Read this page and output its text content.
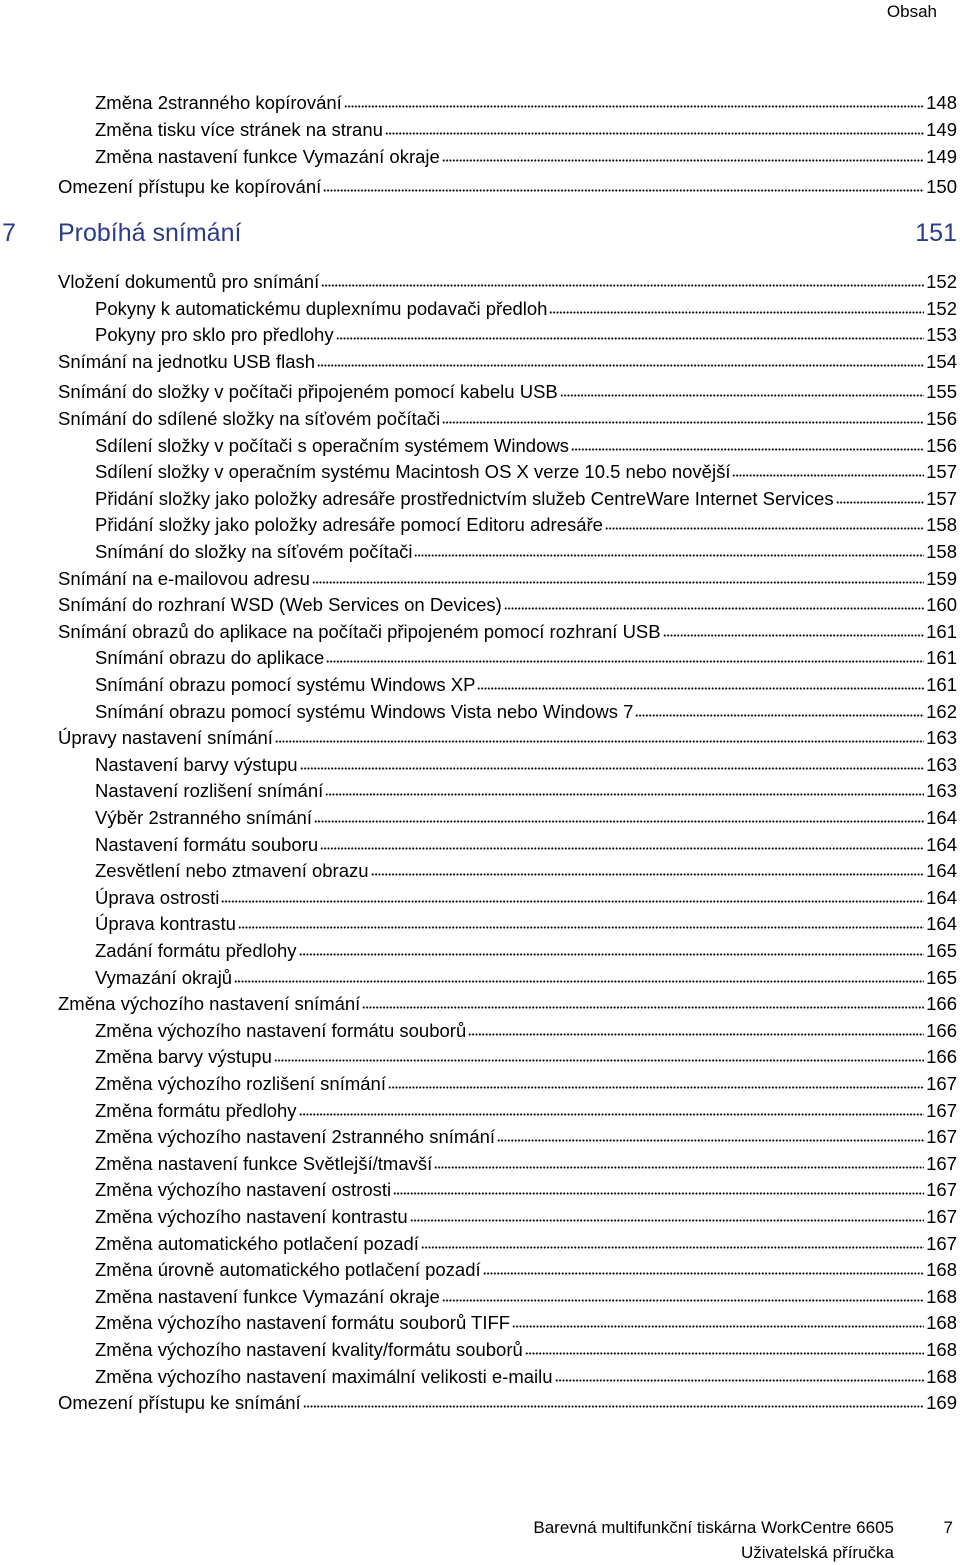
Obsah
Změna 2stranného kopírování	148
Změna tisku více stránek na stranu	149
Změna nastavení funkce Vymazání okraje	149
Omezení přístupu ke kopírování	150
7 Probíhá snímání	151
Vložení dokumentů pro snímání	152
Pokyny k automatickému duplexnímu podavači předloh	152
Pokyny pro sklo pro předlohy	153
Snímání na jednotku USB flash	154
Snímání do složky v počítači připojeném pomocí kabelu USB	155
Snímání do sdílené složky na síťovém počítači	156
Sdílení složky v počítači s operačním systémem Windows	156
Sdílení složky v operačním systému Macintosh OS X verze 10.5 nebo novější	157
Přidání složky jako položky adresáře prostřednictvím služeb CentreWare Internet Services	157
Přidání složky jako položky adresáře pomocí Editoru adresáře	158
Snímání do složky na síťovém počítači	158
Snímání na e-mailovou adresu	159
Snímání do rozhraní WSD (Web Services on Devices)	160
Snímání obrazů do aplikace na počítači připojeném pomocí rozhraní USB	161
Snímání obrazu do aplikace	161
Snímání obrazu pomocí systému Windows XP	161
Snímání obrazu pomocí systému Windows Vista nebo Windows 7	162
Úpravy nastavení snímání	163
Nastavení barvy výstupu	163
Nastavení rozlišení snímání	163
Výběr 2stranného snímání	164
Nastavení formátu souboru	164
Zesvětlení nebo ztmavení obrazu	164
Úprava ostrosti	164
Úprava kontrastu	164
Zadání formátu předlohy	165
Vymazání okrajů	165
Změna výchozího nastavení snímání	166
Změna výchozího nastavení formátu souborů	166
Změna barvy výstupu	166
Změna výchozího rozlišení snímání	167
Změna formátu předlohy	167
Změna výchozího nastavení 2stranného snímání	167
Změna nastavení funkce Světlejší/tmavší	167
Změna výchozího nastavení ostrosti	167
Změna výchozího nastavení kontrastu	167
Změna automatického potlačení pozadí	167
Změna úrovně automatického potlačení pozadí	168
Změna nastavení funkce Vymazání okraje	168
Změna výchozího nastavení formátu souborů TIFF	168
Změna výchozího nastavení kvality/formátu souborů	168
Změna výchozího nastavení maximální velikosti e-mailu	168
Omezení přístupu ke snímání	169
Barevná multifunkční tiskárna WorkCentre 6605
Uživatelská příručka
7
